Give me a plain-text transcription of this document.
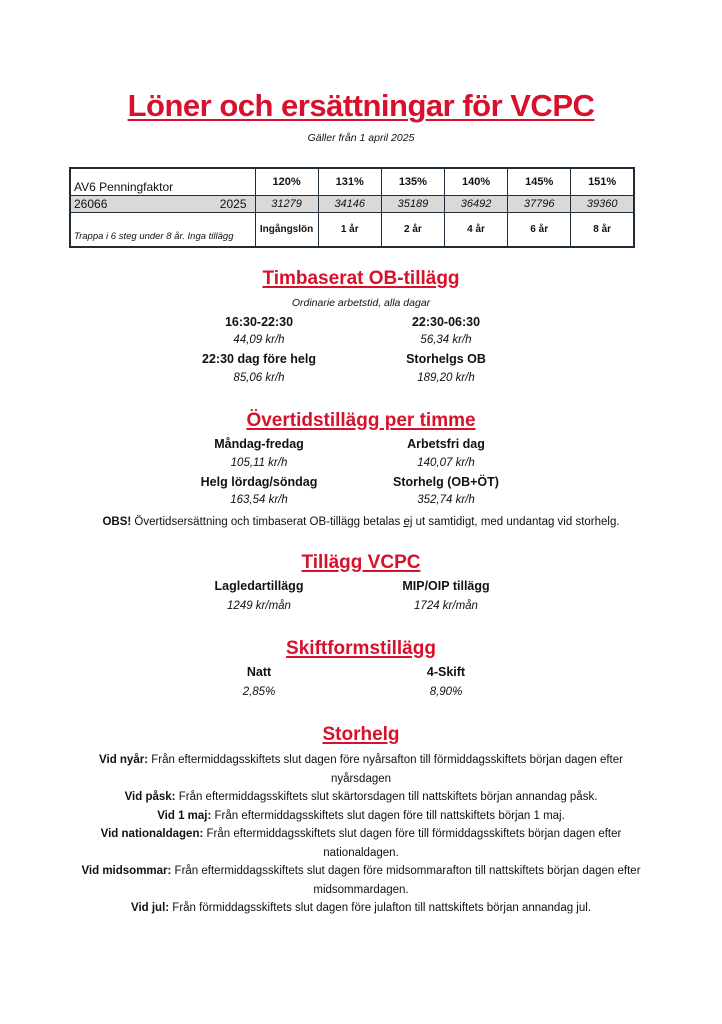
Löner och ersättningar för VCPC
Gäller från 1 april 2025
AV6 Penningfaktor	120%	131%	135%	140%	145%	151%
26066 2025	31279	34146	35189	36492	37796	39360
Trappa i 6 steg under 8 år. Inga tillägg	Ingångslön	1 år	2 år	4 år	6 år	8 år
Timbaserat OB-tillägg
Ordinarie arbetstid, alla dagar
16:30-22:30	22:30-06:30
44,09 kr/h	56,34 kr/h
22:30 dag före helg	Storhelgs OB
85,06 kr/h	189,20 kr/h
Övertidstillägg per timme
Måndag-fredag	Arbetsfri dag
105,11 kr/h	140,07 kr/h
Helg lördag/söndag	Storhelg (OB+ÖT)
163,54 kr/h	352,74 kr/h
OBS! Övertidsersättning och timbaserat OB-tillägg betalas ej ut samtidigt, med undantag vid storhelg.
Tillägg VCPC
Lagledartillägg	MIP/OIP tillägg
1249 kr/mån	1724 kr/mån
Skiftformstillägg
Natt	4-Skift
2,85%	8,90%
Storhelg
Vid nyår: Från eftermiddagsskiftets slut dagen före nyårsafton till förmiddagsskiftets början dagen efter nyårsdagen
Vid påsk: Från eftermiddagsskiftets slut skärtorsdagen till nattskiftets början annandag påsk.
Vid 1 maj: Från eftermiddagsskiftets slut dagen före till nattskiftets början 1 maj.
Vid nationaldagen: Från eftermiddagsskiftets slut dagen före till förmiddagsskiftets början dagen efter nationaldagen.
Vid midsommar: Från eftermiddagsskiftets slut dagen före midsommarafton till nattskiftets början dagen efter midsommardagen.
Vid jul: Från förmiddagsskiftets slut dagen före julafton till nattskiftets början annandag jul.
